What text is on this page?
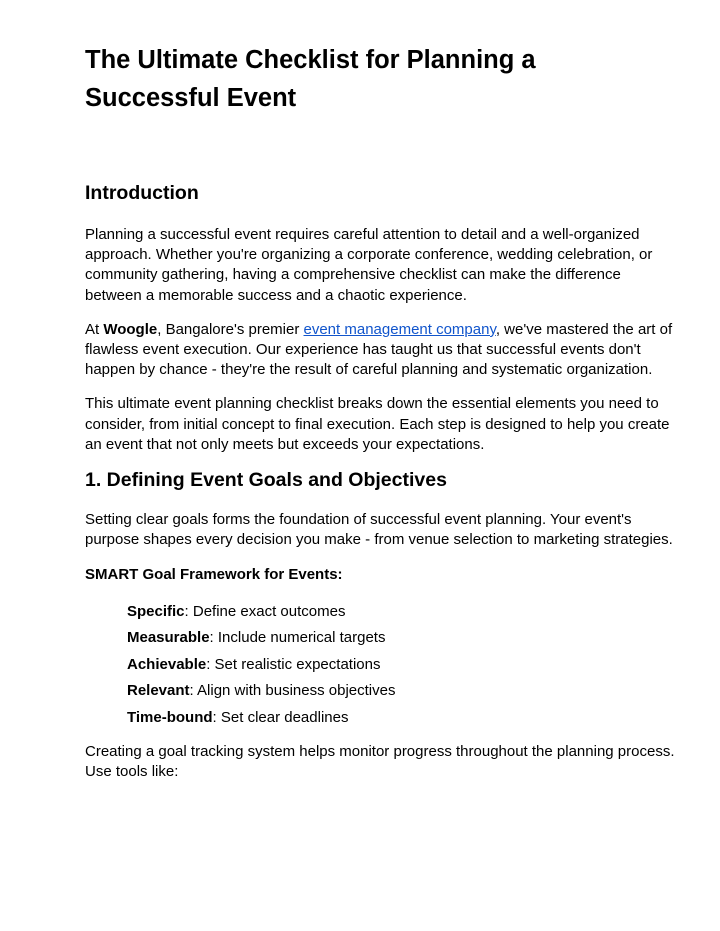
The Ultimate Checklist for Planning a Successful Event
Introduction

Planning a successful event requires careful attention to detail and a well-organized approach. Whether you're organizing a corporate conference, wedding celebration, or community gathering, having a comprehensive checklist can make the difference between a memorable success and a chaotic experience.

At Woogle, Bangalore's premier event management company, we've mastered the art of flawless event execution. Our experience has taught us that successful events don't happen by chance - they're the result of careful planning and systematic organization.

This ultimate event planning checklist breaks down the essential elements you need to consider, from initial concept to final execution. Each step is designed to help you create an event that not only meets but exceeds your expectations.

1. Defining Event Goals and Objectives

Setting clear goals forms the foundation of successful event planning. Your event's purpose shapes every decision you make - from venue selection to marketing strategies.

SMART Goal Framework for Events:

Specific: Define exact outcomes
Measurable: Include numerical targets
Achievable: Set realistic expectations
Relevant: Align with business objectives
Time-bound: Set clear deadlines

Creating a goal tracking system helps monitor progress throughout the planning process. Use tools like:
